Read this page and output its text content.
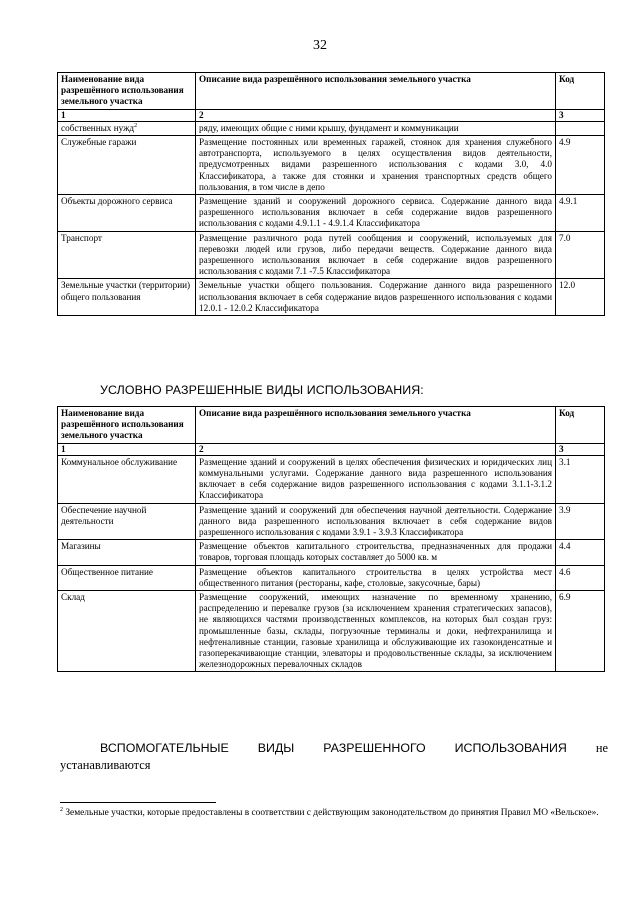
32
Наименование вида разрешённого использования земельного участка	Описание вида разрешённого использования земельного участка	Код
1	2	3
собственных нужд$^2$	ряду, имеющих общие с ними крышу, фундамент и коммуникации	
Служебные гаражи	Размещение постоянных или временных гаражей, стоянок для хранения служебного автотранспорта, используемого в целях осуществления видов деятельности, предусмотренных видами разрешенного использования с кодами 3.0, 4.0 Классификатора, а также для стоянки и хранения транспортных средств общего пользования, в том числе в депо	4.9
Объекты дорожного сервиса	Размещение зданий и сооружений дорожного сервиса. Содержание данного вида разрешенного использования включает в себя содержание видов разрешенного использования с кодами 4.9.1.1 - 4.9.1.4 Классификатора	4.9.1
Транспорт	Размещение различного рода путей сообщения и сооружений, используемых для перевозки людей или грузов, либо передачи веществ. Содержание данного вида разрешенного использования включает в себя содержание видов разрешенного использования с кодами 7.1 -7.5 Классификатора	7.0
Земельные участки (территории) общего пользования	Земельные участки общего пользования. Содержание данного вида разрешенного использования включает в себя содержание видов разрешенного использования с кодами 12.0.1 - 12.0.2 Классификатора	12.0
УСЛОВНО РАЗРЕШЕННЫЕ ВИДЫ ИСПОЛЬЗОВАНИЯ:
Наименование вида разрешённого использования земельного участка	Описание вида разрешённого использования земельного участка	Код
1	2	3
Коммунальное обслуживание	Размещение зданий и сооружений в целях обеспечения физических и юридических лиц коммунальными услугами. Содержание данного вида разрешенного использования включает в себя содержание видов разрешенного использования с кодами 3.1.1-3.1.2 Классификатора	3.1
Обеспечение научной деятельности	Размещение зданий и сооружений для обеспечения научной деятельности. Содержание данного вида разрешенного использования включает в себя содержание видов разрешенного использования с кодами 3.9.1 - 3.9.3 Классификатора	3.9
Магазины	Размещение объектов капитального строительства, предназначенных для продажи товаров, торговая площадь которых составляет до 5000 кв. м	4.4
Общественное питание	Размещение объектов капитального строительства в целях устройства мест общественного питания (рестораны, кафе, столовые, закусочные, бары)	4.6
Склад	Размещение сооружений, имеющих назначение по временному хранению, распределению и перевалке грузов (за исключением хранения стратегических запасов), не являющихся частями производственных комплексов, на которых был создан груз: промышленные базы, склады, погрузочные терминалы и доки, нефтехранилища и нефтеналивные станции, газовые хранилища и обслуживающие их газоконденсатные и газоперекачивающие станции, элеваторы и продовольственные склады, за исключением железнодорожных перевалочных складов	6.9
ВСПОМОГАТЕЛЬНЫЕ ВИДЫ РАЗРЕШЕННОГО ИСПОЛЬЗОВАНИЯ не
устанавливаются
$^2$ Земельные участки, которые предоставлены в соответствии с действующим законодательством до принятия Правил МО «Вельское».
